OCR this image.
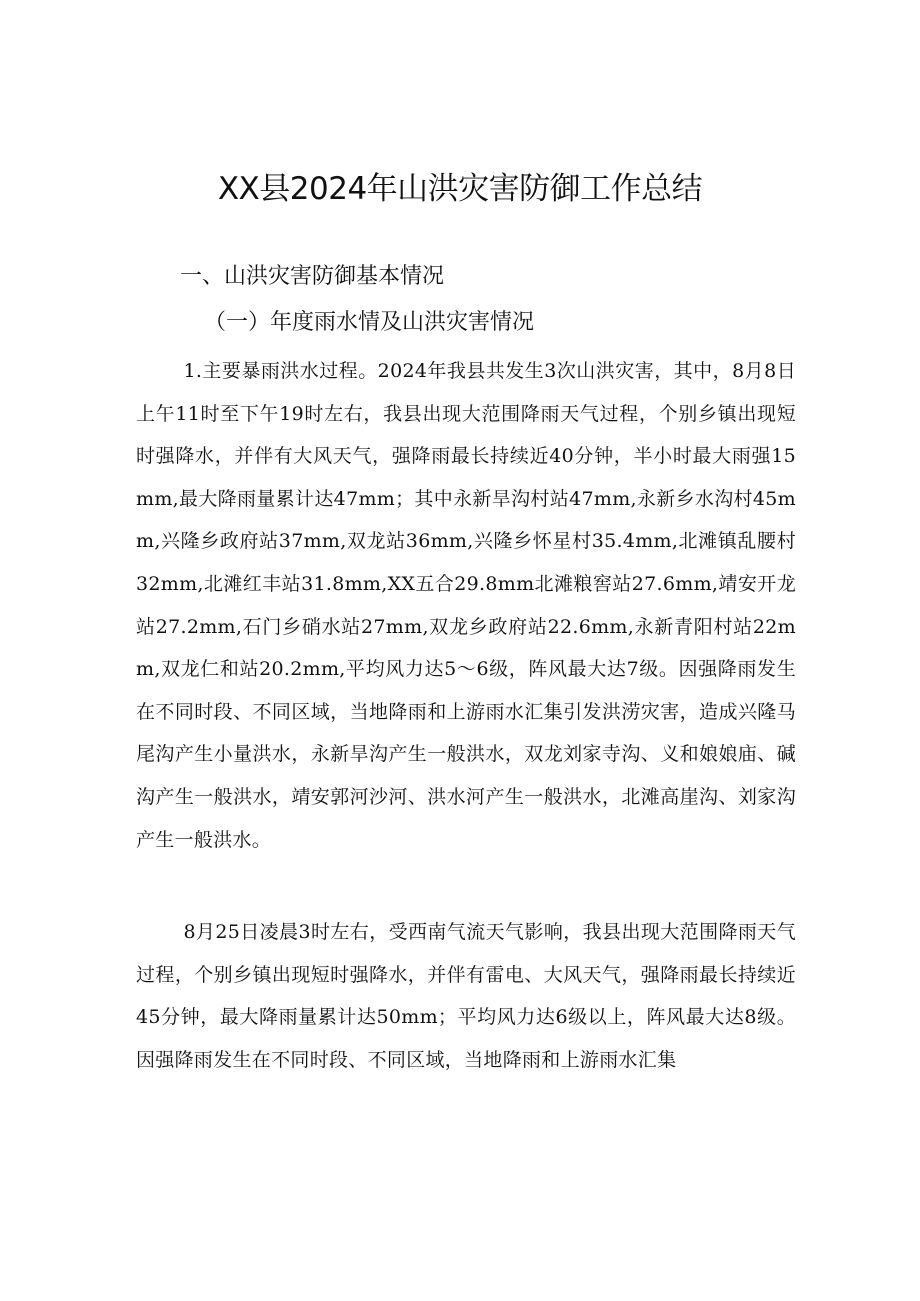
XX县2024年山洪灾害防御工作总结
一、山洪灾害防御基本情况
（一）年度雨水情及山洪灾害情况

1.主要暴雨洪水过程。2024年我县共发生3次山洪灾害，其中，8月8日上午11时至下午19时左右，我县出现大范围降雨天气过程，个别乡镇出现短时强降水，并伴有大风天气，强降雨最长持续近40分钟，半小时最大雨强15mm,最大降雨量累计达47mm；其中永新旱沟村站47mm,永新乡水沟村45mm,兴隆乡政府站37mm,双龙站36mm,兴隆乡怀星村35.4mm,北滩镇乱腰村32mm,北滩红丰站31.8mm,XX五合29.8mm北滩粮窖站27.6mm,靖安开龙站27.2mm,石门乡硝水站27mm,双龙乡政府站22.6mm,永新青阳村站22mm,双龙仁和站20.2mm,平均风力达5～6级，阵风最大达7级。因强降雨发生在不同时段、不同区域，当地降雨和上游雨水汇集引发洪涝灾害，造成兴隆马尾沟产生小量洪水，永新旱沟产生一般洪水，双龙刘家寺沟、义和娘娘庙、碱沟产生一般洪水，靖安郭河沙河、洪水河产生一般洪水，北滩高崖沟、刘家沟产生一般洪水。

8月25日凌晨3时左右，受西南气流天气影响，我县出现大范围降雨天气过程，个别乡镇出现短时强降水，并伴有雷电、大风天气，强降雨最长持续近45分钟，最大降雨量累计达50mm；平均风力达6级以上，阵风最大达8级。因强降雨发生在不同时段、不同区域，当地降雨和上游雨水汇集
